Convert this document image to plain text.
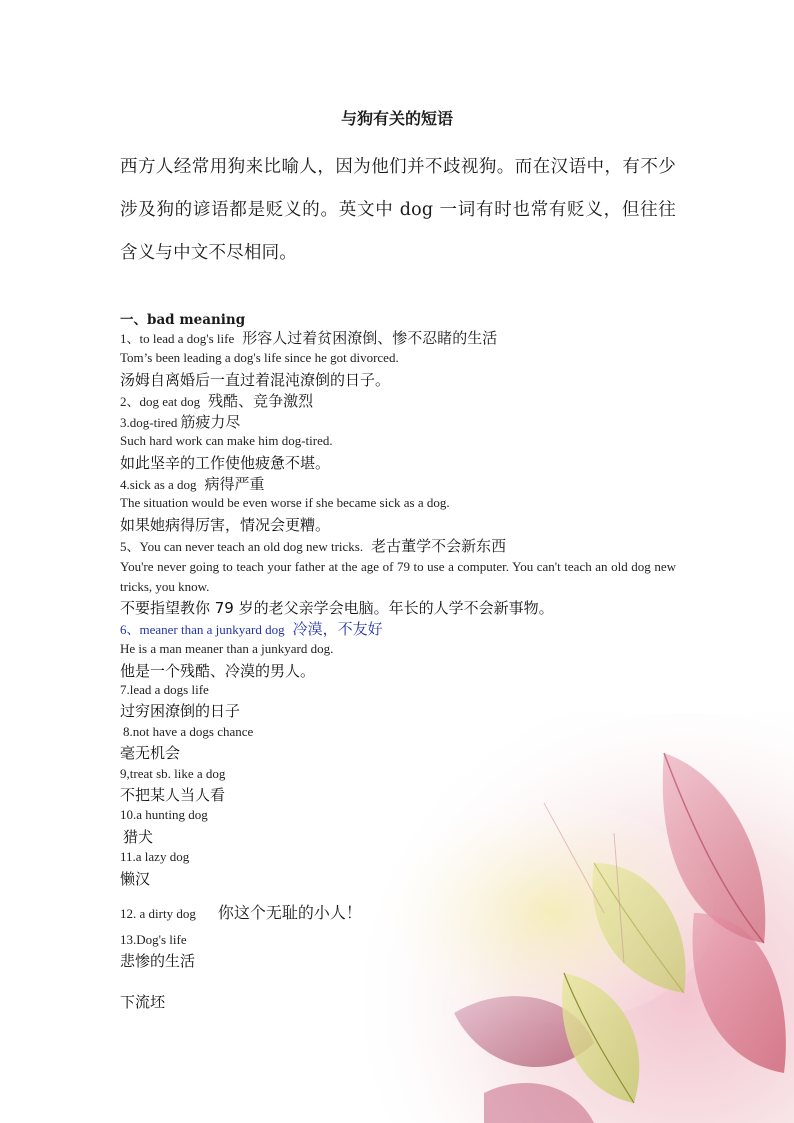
与狗有关的短语
西方人经常用狗来比喻人，因为他们并不歧视狗。而在汉语中，有不少涉及狗的谚语都是贬义的。英文中 dog 一词有时也常有贬义，但往往含义与中文不尽相同。
一、bad meaning
1、to lead a dog's life 形容人过着贫困潦倒、惨不忍睹的生活
Tom’s been leading a dog's life since he got divorced.
汤姆自离婚后一直过着混沌潦倒的日子。
2、dog eat dog 残酷、竞争激烈
3.dog-tired 筋疲力尽
Such hard work can make him dog-tired.
如此坚辛的工作使他疲惫不堪。
4.sick as a dog 病得严重
The situation would be even worse if she became sick as a dog.
如果她病得厉害，情况会更糟。
5、You can never teach an old dog new tricks. 老古董学不会新东西
You're never going to teach your father at the age of 79 to use a computer. You can't teach an old dog new tricks, you know.
不要指望教你 79 岁的老父亲学会电脑。年长的人学不会新事物。
6、meaner than a junkyard dog 冷漠，不友好
He is a man meaner than a junkyard dog.
他是一个残酷、冷漠的男人。
7.lead a dogs life
过穷困潦倒的日子
8.not have a dogs chance
毫无机会
9,treat sb. like a dog
不把某人当人看
10.a hunting dog
猎犬
11.a lazy dog
懒汉
12. a dirty dog 你这个无耻的小人！
13.Dog's life
悲惨的生活
下流坯
